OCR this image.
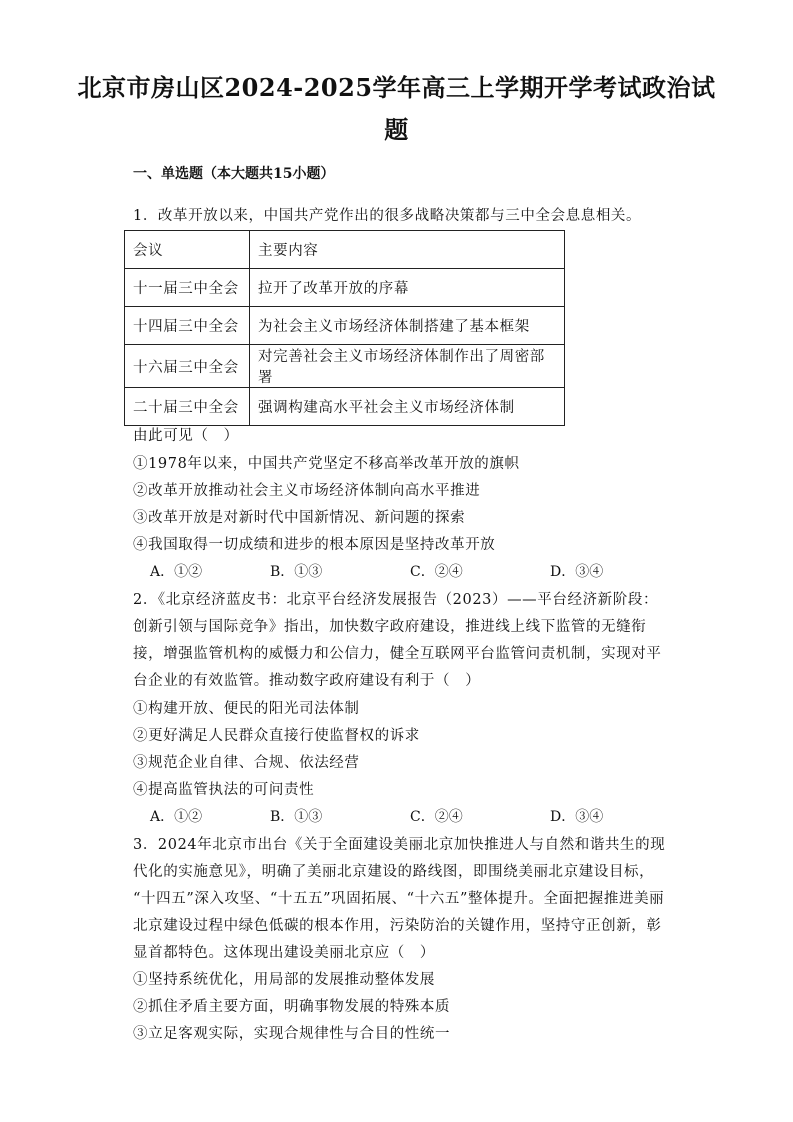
北京市房山区2024-2025学年高三上学期开学考试政治试
题
一、单选题（本大题共15小题）
1．改革开放以来，中国共产党作出的很多战略决策都与三中全会息息相关。
会议	主要内容
十一届三中全会	拉开了改革开放的序幕
十四届三中全会	为社会主义市场经济体制搭建了基本框架
十六届三中全会	对完善社会主义市场经济体制作出了周密部署
二十届三中全会	强调构建高水平社会主义市场经济体制
由此可见（　）
①1978年以来，中国共产党坚定不移高举改革开放的旗帜
②改革开放推动社会主义市场经济体制向高水平推进
③改革开放是对新时代中国新情况、新问题的探索
④我国取得一切成绩和进步的根本原因是坚持改革开放
A．①②	B．①③	C．②④	D．③④
2．《北京经济蓝皮书：北京平台经济发展报告（2023）——平台经济新阶段：
创新引领与国际竞争》指出，加快数字政府建设，推进线上线下监管的无缝衔
接，增强监管机构的威慑力和公信力，健全互联网平台监管问责机制，实现对平
台企业的有效监管。推动数字政府建设有利于（　）
①构建开放、便民的阳光司法体制
②更好满足人民群众直接行使监督权的诉求
③规范企业自律、合规、依法经营
④提高监管执法的可问责性
A．①②	B．①③	C．②④	D．③④
3．2024年北京市出台《关于全面建设美丽北京加快推进人与自然和谐共生的现
代化的实施意见》，明确了美丽北京建设的路线图，即围绕美丽北京建设目标，
“十四五”深入攻坚、“十五五”巩固拓展、“十六五”整体提升。全面把握推进美丽
北京建设过程中绿色低碳的根本作用，污染防治的关键作用，坚持守正创新，彰
显首都特色。这体现出建设美丽北京应（　）
①坚持系统优化，用局部的发展推动整体发展
②抓住矛盾主要方面，明确事物发展的特殊本质
③立足客观实际，实现合规律性与合目的性统一
